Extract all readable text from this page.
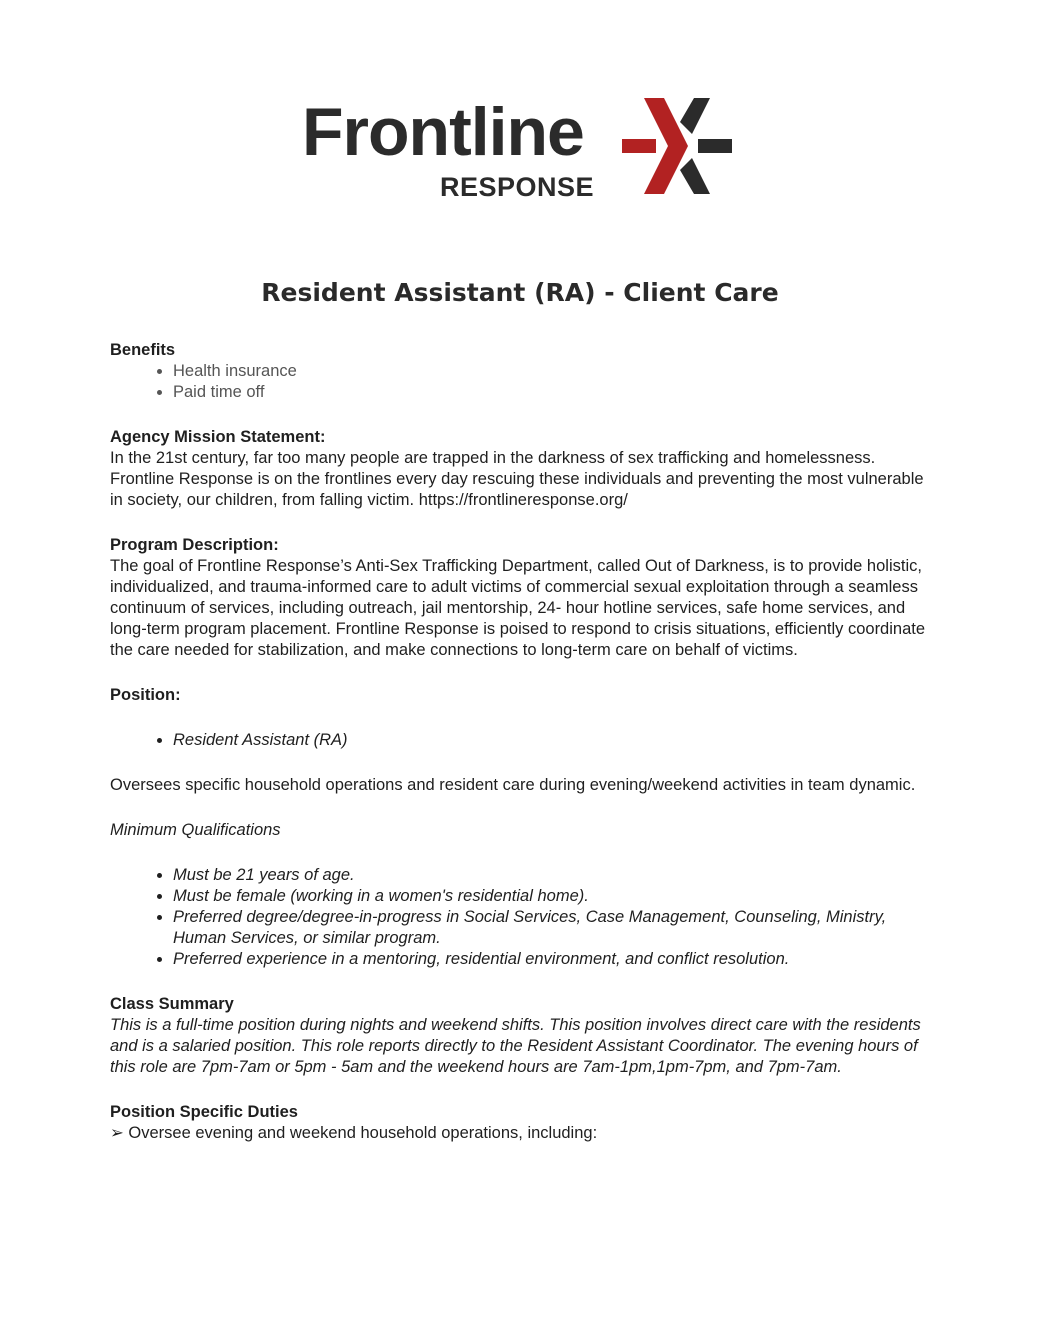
Frontline
RESPONSE
Resident Assistant (RA) - Client Care

Benefits

• Health insurance
• Paid time off

Agency Mission Statement:

In the 21st century, far too many people are trapped in the darkness of sex trafficking and homelessness. Frontline Response is on the frontlines every day rescuing these individuals and preventing the most vulnerable in society, our children, from falling victim. https://frontlineresponse.org/

Program Description:

The goal of Frontline Response’s Anti-Sex Trafficking Department, called Out of Darkness, is to provide holistic, individualized, and trauma-informed care to adult victims of commercial sexual exploitation through a seamless continuum of services, including outreach, jail mentorship, 24- hour hotline services, safe home services, and long-term program placement. Frontline Response is poised to respond to crisis situations, efficiently coordinate the care needed for stabilization, and make connections to long-term care on behalf of victims.

Position:

• Resident Assistant (RA)

Oversees specific household operations and resident care during evening/weekend activities in team dynamic.

Minimum Qualifications

• Must be 21 years of age.
• Must be female (working in a women's residential home).
• Preferred degree/degree-in-progress in Social Services, Case Management, Counseling, Ministry, Human Services, or similar program.
• Preferred experience in a mentoring, residential environment, and conflict resolution.

Class Summary

This is a full-time position during nights and weekend shifts. This position involves direct care with the residents and is a salaried position. This role reports directly to the Resident Assistant Coordinator. The evening hours of this role are 7pm-7am or 5pm - 5am and the weekend hours are 7am-1pm,1pm-7pm, and 7pm-7am.

Position Specific Duties

➢ Oversee evening and weekend household operations, including:
